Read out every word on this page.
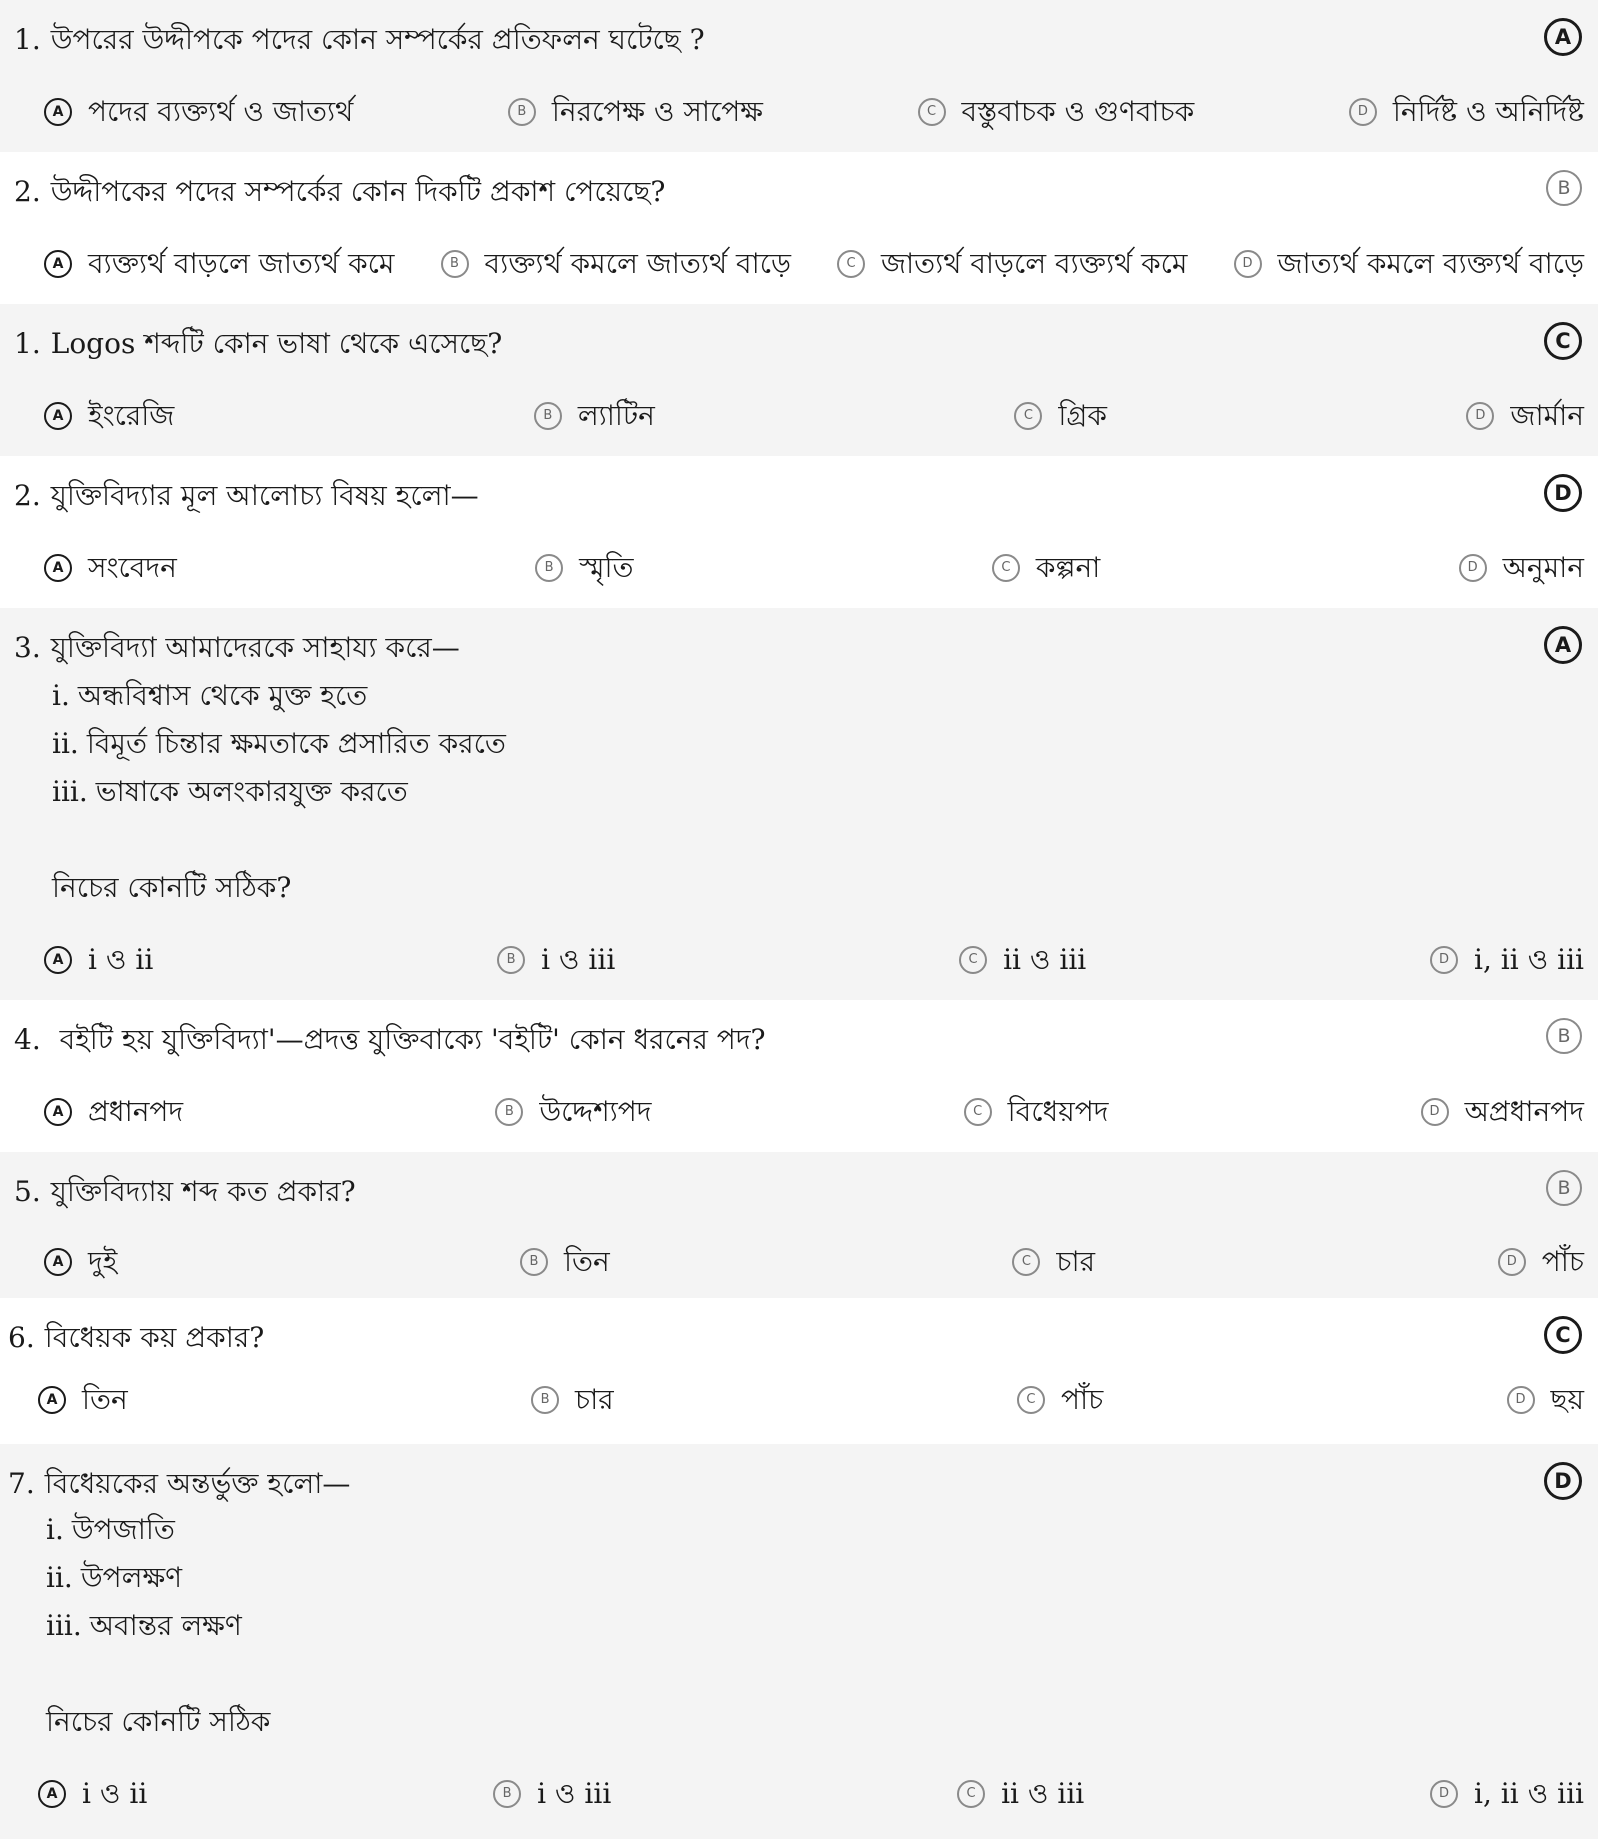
1. উপরের উদ্দীপকে পদের কোন সম্পর্কের প্রতিফলন ঘটেছে ?	A
A পদের ব্যক্ত্যর্থ ও জাত্যর্থ	B নিরপেক্ষ ও সাপেক্ষ	C বস্তুবাচক ও গুণবাচক	D নির্দিষ্ট ও অনির্দিষ্ট
2. উদ্দীপকের পদের সম্পর্কের কোন দিকটি প্রকাশ পেয়েছে?	B
A ব্যক্ত্যর্থ বাড়লে জাত্যর্থ কমে	B ব্যক্ত্যর্থ কমলে জাত্যর্থ বাড়ে	C জাত্যর্থ বাড়লে ব্যক্ত্যর্থ কমে	D জাত্যর্থ কমলে ব্যক্ত্যর্থ বাড়ে
1. Logos শব্দটি কোন ভাষা থেকে এসেছে?	C
A ইংরেজি	B ল্যাটিন	C গ্রিক	D জার্মান
2. যুক্তিবিদ্যার মূল আলোচ্য বিষয় হলো—	D
A সংবেদন	B স্মৃতি	C কল্পনা	D অনুমান
3. যুক্তিবিদ্যা আমাদেরকে সাহায্য করে—	A
i. অন্ধবিশ্বাস থেকে মুক্ত হতে
ii. বিমূর্ত চিন্তার ক্ষমতাকে প্রসারিত করতে
iii. ভাষাকে অলংকারযুক্ত করতে
নিচের কোনটি সঠিক?
A i ও ii	B i ও iii	C ii ও iii	D i, ii ও iii
4. বইটি হয় যুক্তিবিদ্যা'—প্রদত্ত যুক্তিবাক্যে 'বইটি' কোন ধরনের পদ?	B
A প্রধানপদ	B উদ্দেশ্যপদ	C বিধেয়পদ	D অপ্রধানপদ
5. যুক্তিবিদ্যায় শব্দ কত প্রকার?	B
A দুই	B তিন	C চার	D পাঁচ
6. বিধেয়ক কয় প্রকার?	C
A তিন	B চার	C পাঁচ	D ছয়
7. বিধেয়কের অন্তর্ভুক্ত হলো—	D
i. উপজাতি
ii. উপলক্ষণ
iii. অবান্তর লক্ষণ
নিচের কোনটি সঠিক
A i ও ii	B i ও iii	C ii ও iii	D i, ii ও iii
